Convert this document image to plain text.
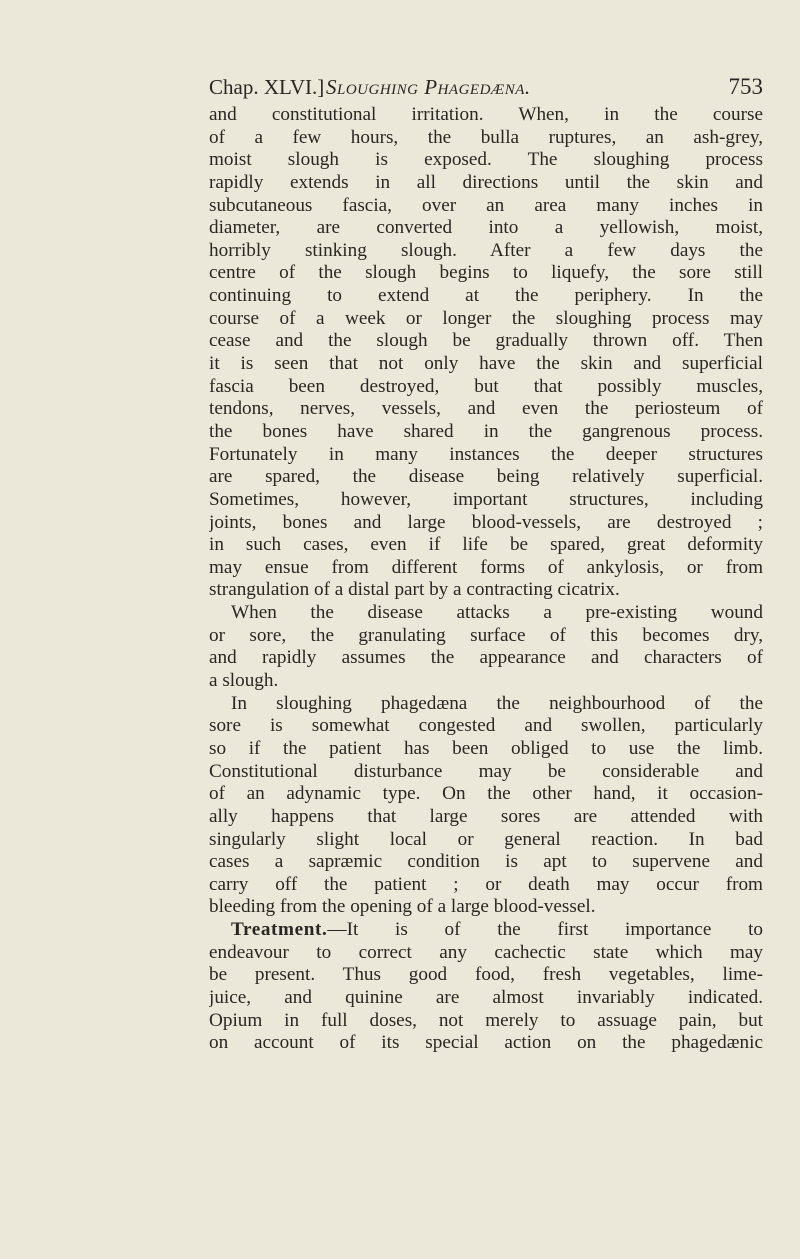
Chap. XLVI.] Sloughing Phagedæna.	753
and constitutional irritation. When, in the course
of a few hours, the bulla ruptures, an ash-grey,
moist slough is exposed. The sloughing process
rapidly extends in all directions until the skin and
subcutaneous fascia, over an area many inches in
diameter, are converted into a yellowish, moist,
horribly stinking slough. After a few days the
centre of the slough begins to liquefy, the sore still
continuing to extend at the periphery. In the
course of a week or longer the sloughing process may
cease and the slough be gradually thrown off. Then
it is seen that not only have the skin and superficial
fascia been destroyed, but that possibly muscles,
tendons, nerves, vessels, and even the periosteum of
the bones have shared in the gangrenous process.
Fortunately in many instances the deeper structures
are spared, the disease being relatively superficial.
Sometimes, however, important structures, including
joints, bones and large blood-vessels, are destroyed ;
in such cases, even if life be spared, great deformity
may ensue from different forms of ankylosis, or from
strangulation of a distal part by a contracting cicatrix.
When the disease attacks a pre-existing wound
or sore, the granulating surface of this becomes dry,
and rapidly assumes the appearance and characters of
a slough.
In sloughing phagedæna the neighbourhood of the
sore is somewhat congested and swollen, particularly
so if the patient has been obliged to use the limb.
Constitutional disturbance may be considerable and
of an adynamic type. On the other hand, it occasion-
ally happens that large sores are attended with
singularly slight local or general reaction. In bad
cases a sapræmic condition is apt to supervene and
carry off the patient ; or death may occur from
bleeding from the opening of a large blood-vessel.
Treatment.—It is of the first importance to
endeavour to correct any cachectic state which may
be present. Thus good food, fresh vegetables, lime-
juice, and quinine are almost invariably indicated.
Opium in full doses, not merely to assuage pain, but
on account of its special action on the phagedænic
